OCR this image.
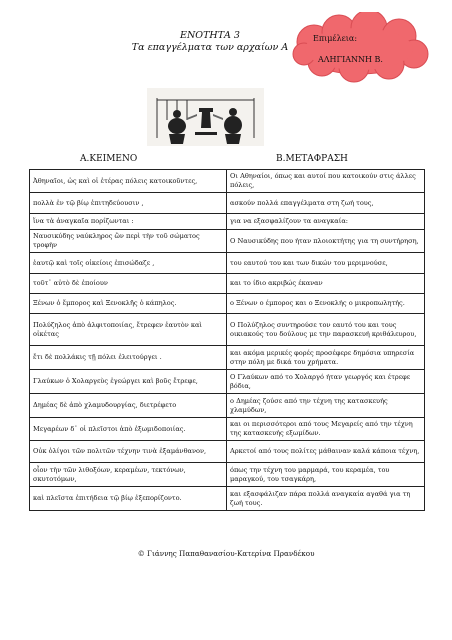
ΕΝΟΤΗΤΑ 3
Τα επαγγέλματα των αρχαίων Α
Επιμέλεια:
ΑΛΗΓΙΑΝΝΗ Β.
Α.ΚΕΙΜΕΝΟ	Β.ΜΕΤΑΦΡΑΣΗ
Ἀθηναῖοι, ὡς καὶ οἱ ἑτέρας πόλεις κατοικοῦντες,	Οι Αθηναίοι, όπως και αυτοί που κατοικούν στις άλλες πόλεις,
πολλὰ ἐν τῷ βίῳ ἐπιτηδεύουσιν ,	ασκούν πολλά επαγγέλματα στη ζωή τους,
ἵνα τὰ ἀναγκαῖα πορίζωνται :	για να εξασφαλίζουν τα αναγκαία:
Ναυσικύδης ναύκληρος ὢν περὶ τὴν τοῦ σώματος τροφὴν	Ο Ναυσικύδης που ήταν πλοιοκτήτης για τη συντήρηση,
ἑαυτῷ καὶ τοῖς οἰκείοις ἐπισώδαζε ,	του εαυτού του και των δικών του μεριμνούσε,
τοῦτ᾽ αὐτὸ δὲ ἐποίουν	και το ίδιο ακριβώς έκαναν
Ξένων ὁ ἔμπορος καὶ Ξενοκλῆς ὁ κάπηλος.	ο Ξένων ο έμπορος και ο Ξενοκλής ο μικροπωλητής.
Πολύζηλος ἀπὸ ἀλφιτοποιίας, ἔτρεφεν ἑαυτὸν καὶ οἰκέτας	Ο Πολύζηλος συντηρούσε τον εαυτό του και τους οικιακούς του δούλους με την παρασκευή κριθάλευρου,
ἔτι δὲ πολλάκις τῇ πόλει ἐλειτούργει .	και ακόμα μερικές φορές προσέφερε δημόσια υπηρεσία στην πόλη με δικά του χρήματα.
Γλαύκων ὁ Χολαργεὺς ἐγεώργει καὶ βοῦς ἔτρεφε,	Ο Γλαύκων από το Χολαργό ήταν γεωργός και έτρεφε βόδια,
Δημέας δὲ ἀπὸ χλαμυδουργίας, διετρέφετο	ο Δημέας ζούσε από την τέχνη της κατασκευής χλαμύδων,
Μεγαρέων δ᾽ οἱ πλεῖστοι ἀπὸ ἐξωμιδοποιίας.	και οι περισσότεροι από τους Μεγαρείς από την τέχνη της κατασκευής εξωμίδων.
Οὐκ ὀλίγοι τῶν πολιτῶν τέχνην τινὰ ἐξαμάνθανον,	Αρκετοί από τους πολίτες μάθαιναν καλά κάποια τέχνη,
οἷον τὴν τῶν λιθοξόων, κεραμέων, τεκτόνων, σκυτοτόμων,	όπως την τέχνη του μαρμαρά, του κεραμέα, του μαραγκού, του τσαγκάρη,
καὶ πλεῖστα ἐπιτήδεια τῷ βίῳ ἐξεπορίζοντο.	και εξασφάλιζαν πάρα πολλά αναγκαία αγαθά για τη ζωή τους.
© Γιάννης Παπαθανασίου-Κατερίνα Πρανδέκου
